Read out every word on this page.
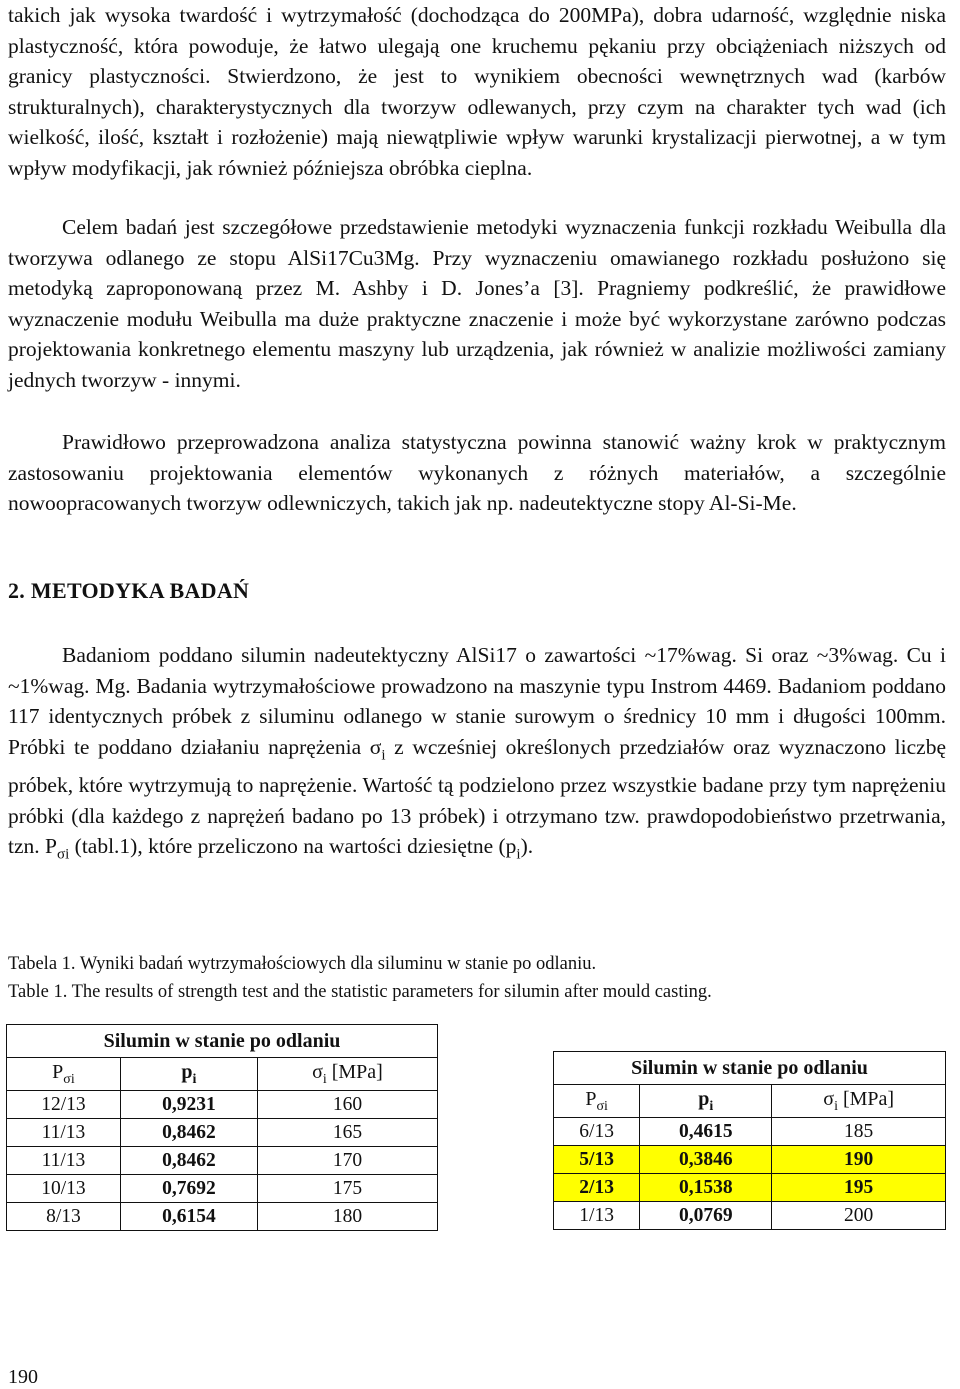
takich jak wysoka twardość i wytrzymałość (dochodząca do 200MPa), dobra udarność, względnie niska plastyczność, która powoduje, że łatwo ulegają one kruchemu pękaniu przy obciążeniach niższych od granicy plastyczności. Stwierdzono, że jest to wynikiem obecności wewnętrznych wad (karbów strukturalnych), charakterystycznych dla tworzyw odlewanych, przy czym na charakter tych wad (ich wielkość, ilość, kształt i rozłożenie) mają niewątpliwie wpływ warunki krystalizacji pierwotnej, a w tym wpływ modyfikacji, jak również późniejsza obróbka cieplna.

Celem badań jest szczegółowe przedstawienie metodyki wyznaczenia funkcji rozkładu Weibulla dla tworzywa odlanego ze stopu AlSi17Cu3Mg. Przy wyznaczeniu omawianego rozkładu posłużono się metodyką zaproponowaną przez M. Ashby i D. Jones’a [3]. Pragniemy podkreślić, że prawidłowe wyznaczenie modułu Weibulla ma duże praktyczne znaczenie i może być wykorzystane zarówno podczas projektowania konkretnego elementu maszyny lub urządzenia, jak również w analizie możliwości zamiany jednych tworzyw - innymi.

Prawidłowo przeprowadzona analiza statystyczna powinna stanowić ważny krok w praktycznym zastosowaniu projektowania elementów wykonanych z różnych materiałów, a szczególnie nowoopracowanych tworzyw odlewniczych, takich jak np. nadeutektyczne stopy Al-Si-Me.

2. METODYKA BADAŃ

Badaniom poddano silumin nadeutektyczny AlSi17 o zawartości ~17%wag. Si oraz ~3%wag. Cu i ~1%wag. Mg. Badania wytrzymałościowe prowadzono na maszynie typu Instrom 4469. Badaniom poddano 117 identycznych próbek z siluminu odlanego w stanie surowym o średnicy 10 mm i długości 100mm. Próbki te poddano działaniu naprężenia $\sigma_i$ z wcześniej określonych przedziałów oraz wyznaczono liczbę próbek, które wytrzymują to naprężenie. Wartość tą podzielono przez wszystkie badane przy tym naprężeniu próbki (dla każdego z naprężeń badano po 13 próbek) i otrzymano tzw. prawdopodobieństwo przetrwania, tzn. $P_{\sigma i}$ (tabl.1), które przeliczono na wartości dziesiętne $(p_i)$.

Tabela 1. Wyniki badań wytrzymałościowych dla siluminu w stanie po odlaniu.

Table 1. The results of strength test and the statistic parameters for silumin after mould casting.

Silumin w stanie po odlaniu		
$P_{\sigma i}$	$p_i$	$\sigma_i$ [MPa]
12/13	0,9231	160
11/13	0,8462	165
11/13	0,8462	170
10/13	0,7692	175
8/13	0,6154	180
Silumin w stanie po odlaniu		
$P_{\sigma i}$	$p_i$	$\sigma_i$ [MPa]
6/13	0,4615	185
5/13	0,3846	190
2/13	0,1538	195
1/13	0,0769	200

190
